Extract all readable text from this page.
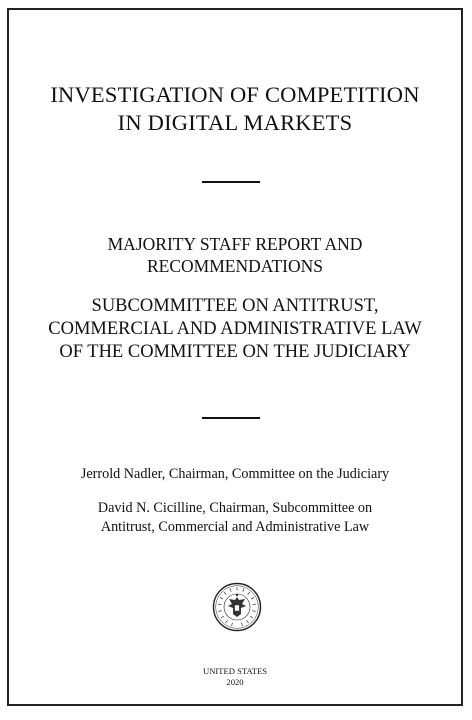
INVESTIGATION OF COMPETITION
IN DIGITAL MARKETS
MAJORITY STAFF REPORT AND
RECOMMENDATIONS
SUBCOMMITTEE ON ANTITRUST,
COMMERCIAL AND ADMINISTRATIVE LAW
OF THE COMMITTEE ON THE JUDICIARY
Jerrold Nadler, Chairman, Committee on the Judiciary
David N. Cicilline, Chairman, Subcommittee on
Antitrust, Commercial and Administrative Law
UNITED STATES
2020
